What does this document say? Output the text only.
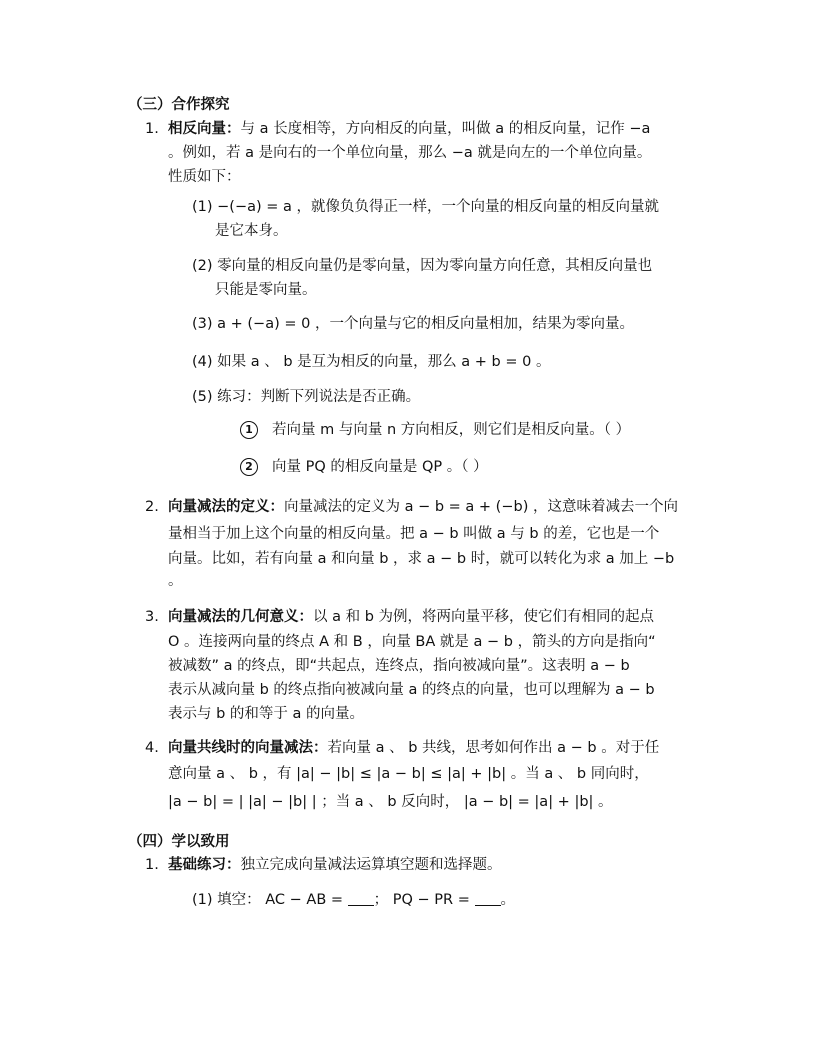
（三）合作探究
1. 相反向量：与 a 长度相等，方向相反的向量，叫做 a 的相反向量，记作 −a
。例如，若 a 是向右的一个单位向量，那么 −a 就是向左的一个单位向量。
性质如下：
(1) −(−a) = a ，就像负负得正一样，一个向量的相反向量的相反向量就
是它本身。
(2) 零向量的相反向量仍是零向量，因为零向量方向任意，其相反向量也
只能是零向量。
(3) a + (−a) = 0 ，一个向量与它的相反向量相加，结果为零向量。
(4) 如果 a 、 b 是互为相反的向量，那么 a + b = 0 。
(5) 练习：判断下列说法是否正确。
1 若向量 m 与向量 n 方向相反，则它们是相反向量。（ ）
2 向量 PQ 的相反向量是 QP 。（ ）
2. 向量减法的定义：向量减法的定义为 a − b = a + (−b) ，这意味着减去一个向
量相当于加上这个向量的相反向量。把 a − b 叫做 a 与 b 的差，它也是一个
向量。比如，若有向量 a 和向量 b ，求 a − b 时，就可以转化为求 a 加上 −b
。
3. 向量减法的几何意义：以 a 和 b 为例，将两向量平移，使它们有相同的起点
O 。连接两向量的终点 A 和 B ，向量 BA 就是 a − b ，箭头的方向是指向“
被减数” a 的终点，即“共起点，连终点，指向被减向量”。这表明 a − b
表示从减向量 b 的终点指向被减向量 a 的终点的向量，也可以理解为 a − b
表示与 b 的和等于 a 的向量。
4. 向量共线时的向量减法：若向量 a 、 b 共线，思考如何作出 a − b 。对于任
意向量 a 、 b ，有 |a| − |b| ≤ |a − b| ≤ |a| + |b| 。当 a 、 b 同向时，
|a − b| = | |a| − |b| | ；当 a 、 b 反向时， |a − b| = |a| + |b| 。
（四）学以致用
1. 基础练习：独立完成向量减法运算填空题和选择题。
(1) 填空： AC − AB = ； PQ − PR = 。
